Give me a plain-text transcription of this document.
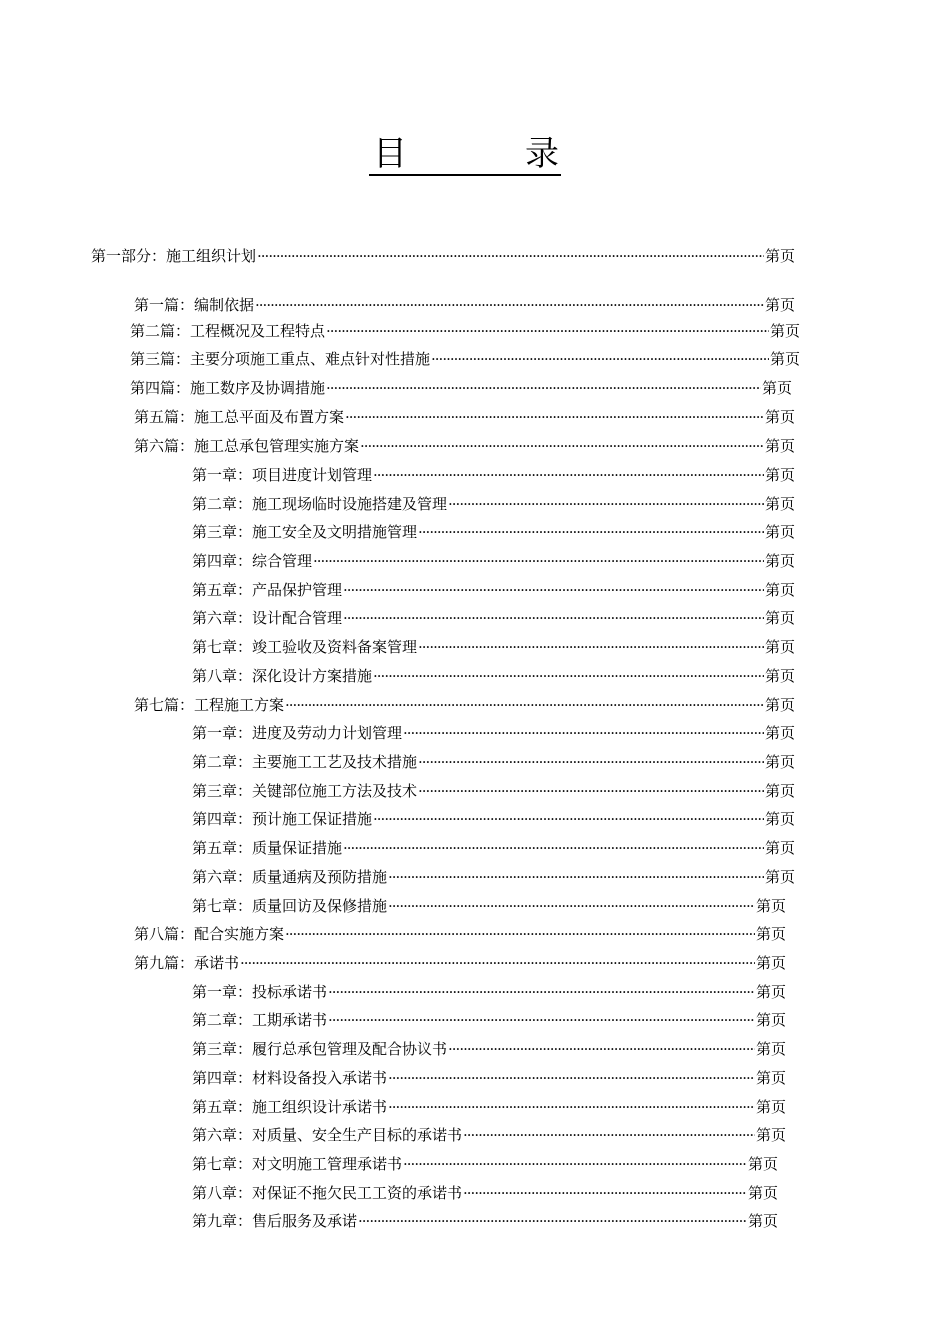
目	录
第一部分：施工组织计划 ·····	第页
第一篇：编制依据 ·····	第页
第二篇：工程概况及工程特点 ·····	第页
第三篇：主要分项施工重点、难点针对性措施 ·····	第页
第四篇：施工数序及协调措施 ·····	第页
第五篇：施工总平面及布置方案 ·····	第页
第六篇：施工总承包管理实施方案 ·····	第页
第一章：项目进度计划管理 ·····	第页
第二章：施工现场临时设施搭建及管理 ·····	第页
第三章：施工安全及文明措施管理 ·····	第页
第四章：综合管理 ·····	第页
第五章：产品保护管理 ·····	第页
第六章：设计配合管理 ·····	第页
第七章：竣工验收及资料备案管理 ·····	第页
第八章：深化设计方案措施 ·····	第页
第七篇：工程施工方案 ·····	第页
第一章：进度及劳动力计划管理 ·····	第页
第二章：主要施工工艺及技术措施 ·····	第页
第三章：关键部位施工方法及技术 ·····	第页
第四章：预计施工保证措施 ·····	第页
第五章：质量保证措施 ·····	第页
第六章：质量通病及预防措施 ·····	第页
第七章：质量回访及保修措施 ·····	第页
第八篇：配合实施方案 ·····	第页
第九篇：承诺书 ·····	第页
第一章：投标承诺书 ·····	第页
第二章：工期承诺书 ·····	第页
第三章：履行总承包管理及配合协议书 ·····	第页
第四章：材料设备投入承诺书 ·····	第页
第五章：施工组织设计承诺书 ·····	第页
第六章：对质量、安全生产目标的承诺书 ·····	第页
第七章：对文明施工管理承诺书 ·····	第页
第八章：对保证不拖欠民工工资的承诺书 ·····	第页
第九章：售后服务及承诺 ·····	第页
